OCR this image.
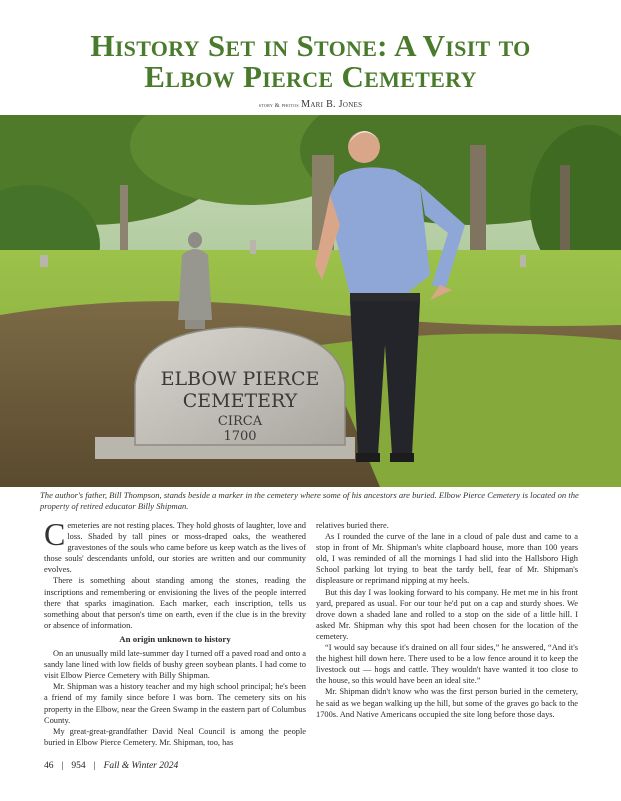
History Set in Stone: A Visit to
Elbow Pierce Cemetery
story & photos Mari B. Jones
ELBOW PIERCE
CEMETERY
CIRCA
1700
The author's father, Bill Thompson, stands beside a marker in the cemetery where some of his ancestors are buried. Elbow Pierce Cemetery is located on the property of retired educator Billy Shipman.

Cemeteries are not resting places. They hold ghosts of laughter, love and loss. Shaded by tall pines or moss-draped oaks, the weathered gravestones of the souls who came before us keep watch as the lives of those souls' descendants unfold, our stories are written and our community evolves.

There is something about standing among the stones, reading the inscriptions and remembering or envisioning the lives of the people interred there that sparks imagination. Each marker, each inscription, tells us something about that person's time on earth, even if the clue is in the brevity or absence of information.

An origin unknown to history

On an unusually mild late-summer day I turned off a paved road and onto a sandy lane lined with low fields of bushy green soybean plants. I had come to visit Elbow Pierce Cemetery with Billy Shipman.

Mr. Shipman was a history teacher and my high school principal; he's been a friend of my family since before I was born. The cemetery sits on his property in the Elbow, near the Green Swamp in the eastern part of Columbus County.

My great-great-grandfather David Neal Council is among the people buried in Elbow Pierce Cemetery. Mr. Shipman, too, has

relatives buried there.

As I rounded the curve of the lane in a cloud of pale dust and came to a stop in front of Mr. Shipman's white clapboard house, more than 100 years old, I was reminded of all the mornings I had slid into the Hallsboro High School parking lot trying to beat the tardy bell, fear of Mr. Shipman's displeasure or reprimand nipping at my heels.

But this day I was looking forward to his company. He met me in his front yard, prepared as usual. For our tour he'd put on a cap and sturdy shoes. We drove down a shaded lane and rolled to a stop on the side of a little hill. I asked Mr. Shipman why this spot had been chosen for the location of the cemetery.

“I would say because it's drained on all four sides,” he answered, “And it's the highest hill down here. There used to be a low fence around it to keep the livestock out — hogs and cattle. They wouldn't have wanted it too close to the house, so this would have been an ideal site.”

Mr. Shipman didn't know who was the first person buried in the cemetery, he said as we began walking up the hill, but some of the graves go back to the 1700s. And Native Americans occupied the site long before those days.

46 | 954 | Fall & Winter 2024
